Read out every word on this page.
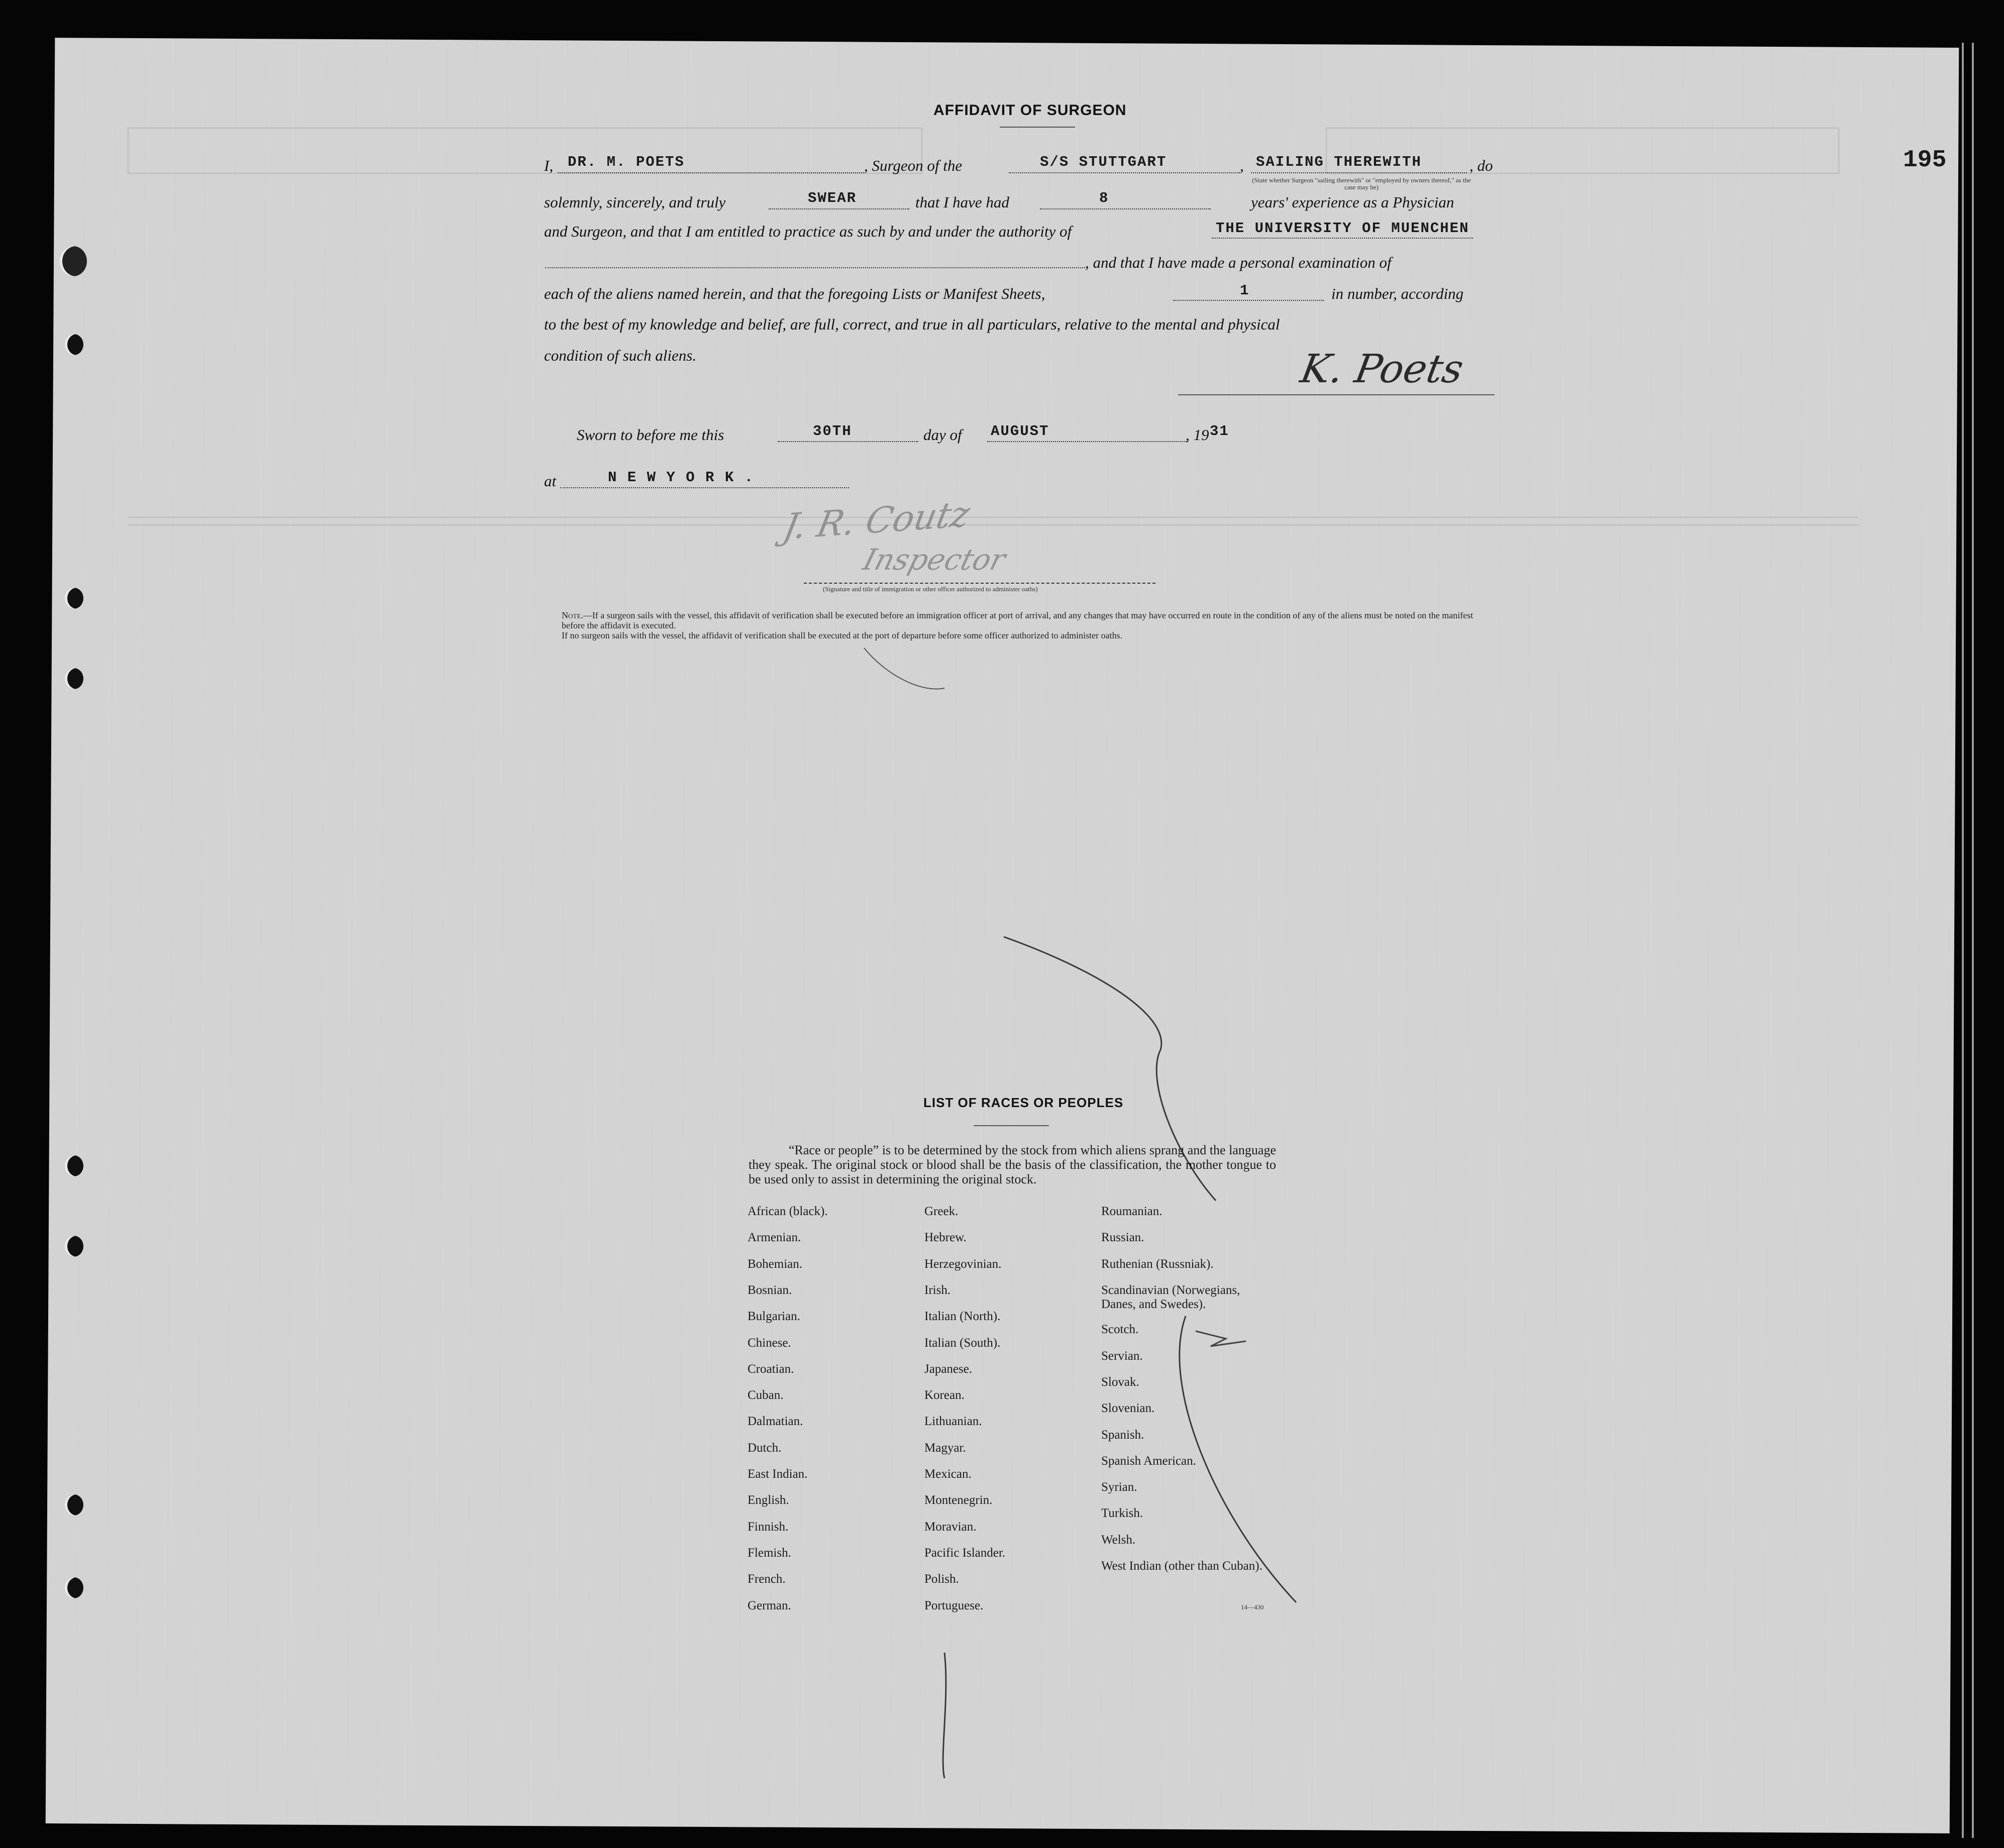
195
AFFIDAVIT OF SURGEON
I, DR. M. POETS	, Surgeon of the	S/S STUTTGART	, SAILING THEREWITH	, do
(State whether Surgeon "sailing therewith" or "employed by owners thereof," as the case may be)
solemnly, sincerely, and truly	SWEAR	that I have had	8	years' experience as a Physician
and Surgeon, and that I am entitled to practice as such by and under the authority of	THE UNIVERSITY OF MUENCHEN
, and that I have made a personal examination of
each of the aliens named herein, and that the foregoing Lists or Manifest Sheets,	1	in number, according
to the best of my knowledge and belief, are full, correct, and true in all particulars, relative to the mental and physical
condition of such aliens.	K. Poets
Sworn to before me this	30TH	day of AUGUST	, 19 31
at	N E W Y O R K .
J. R. Coutz
Inspector
(Signature and title of immigration or other officer authorized to administer oaths)
Note.—If a surgeon sails with the vessel, this affidavit of verification shall be executed before an immigration officer at port of arrival, and any changes that may have occurred en route in the condition of any of the aliens must be noted on the manifest before the affidavit is executed.
If no surgeon sails with the vessel, the affidavit of verification shall be executed at the port of departure before some officer authorized to administer oaths.
LIST OF RACES OR PEOPLES
“Race or people” is to be determined by the stock from which aliens sprang and the language they speak. The original stock or blood shall be the basis of the classification, the mother tongue to be used only to assist in determining the original stock.
African (black).
Armenian.
Bohemian.
Bosnian.
Bulgarian.
Chinese.
Croatian.
Cuban.
Dalmatian.
Dutch.
East Indian.
English.
Finnish.
Flemish.
French.
German.
Greek.
Hebrew.
Herzegovinian.
Irish.
Italian (North).
Italian (South).
Japanese.
Korean.
Lithuanian.
Magyar.
Mexican.
Montenegrin.
Moravian.
Pacific Islander.
Polish.
Portuguese.
Roumanian.
Russian.
Ruthenian (Russniak).
Scandinavian (Norwegians, Danes, and Swedes).
Scotch.
Servian.
Slovak.
Slovenian.
Spanish.
Spanish American.
Syrian.
Turkish.
Welsh.
West Indian (other than Cuban).
14—430
